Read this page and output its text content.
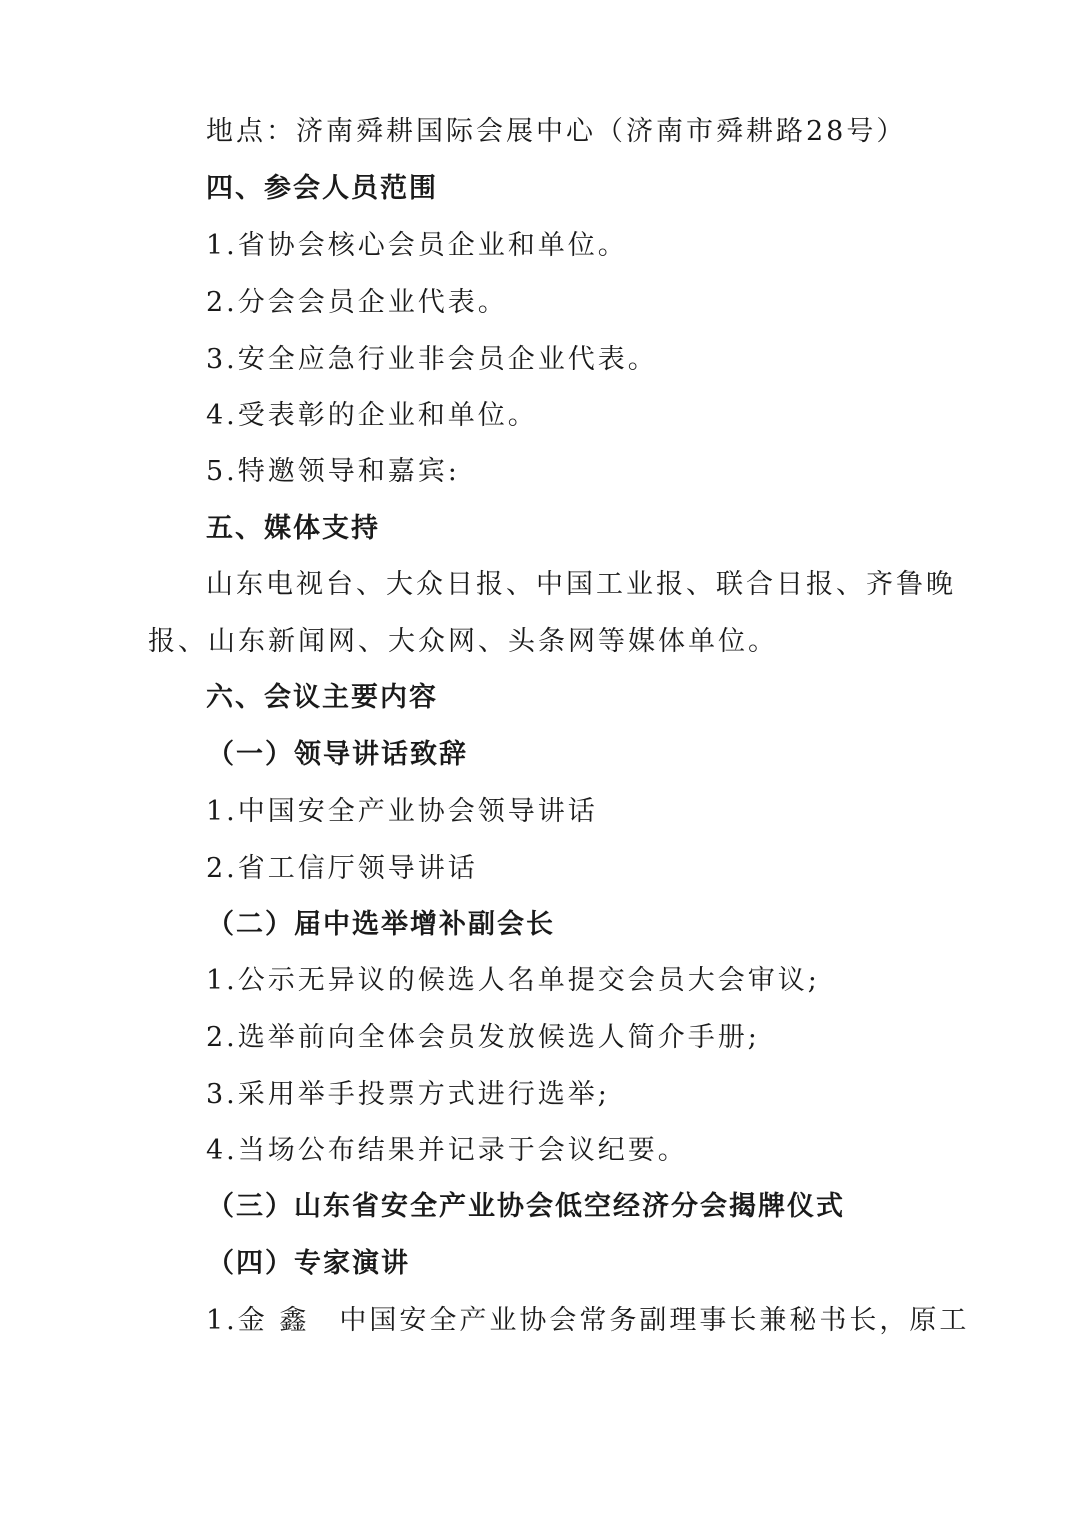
地点：济南舜耕国际会展中心（济南市舜耕路28号）
四、参会人员范围
1.省协会核心会员企业和单位。
2.分会会员企业代表。
3.安全应急行业非会员企业代表。
4.受表彰的企业和单位。
5.特邀领导和嘉宾:
五、媒体支持
山东电视台、大众日报、中国工业报、联合日报、齐鲁晚
报、山东新闻网、大众网、头条网等媒体单位。
六、会议主要内容
（一）领导讲话致辞
1.中国安全产业协会领导讲话
2.省工信厅领导讲话
（二）届中选举增补副会长
1.公示无异议的候选人名单提交会员大会审议;
2.选举前向全体会员发放候选人简介手册;
3.采用举手投票方式进行选举;
4.当场公布结果并记录于会议纪要。
（三）山东省安全产业协会低空经济分会揭牌仪式
（四）专家演讲
1.金 鑫　中国安全产业协会常务副理事长兼秘书长，原工
